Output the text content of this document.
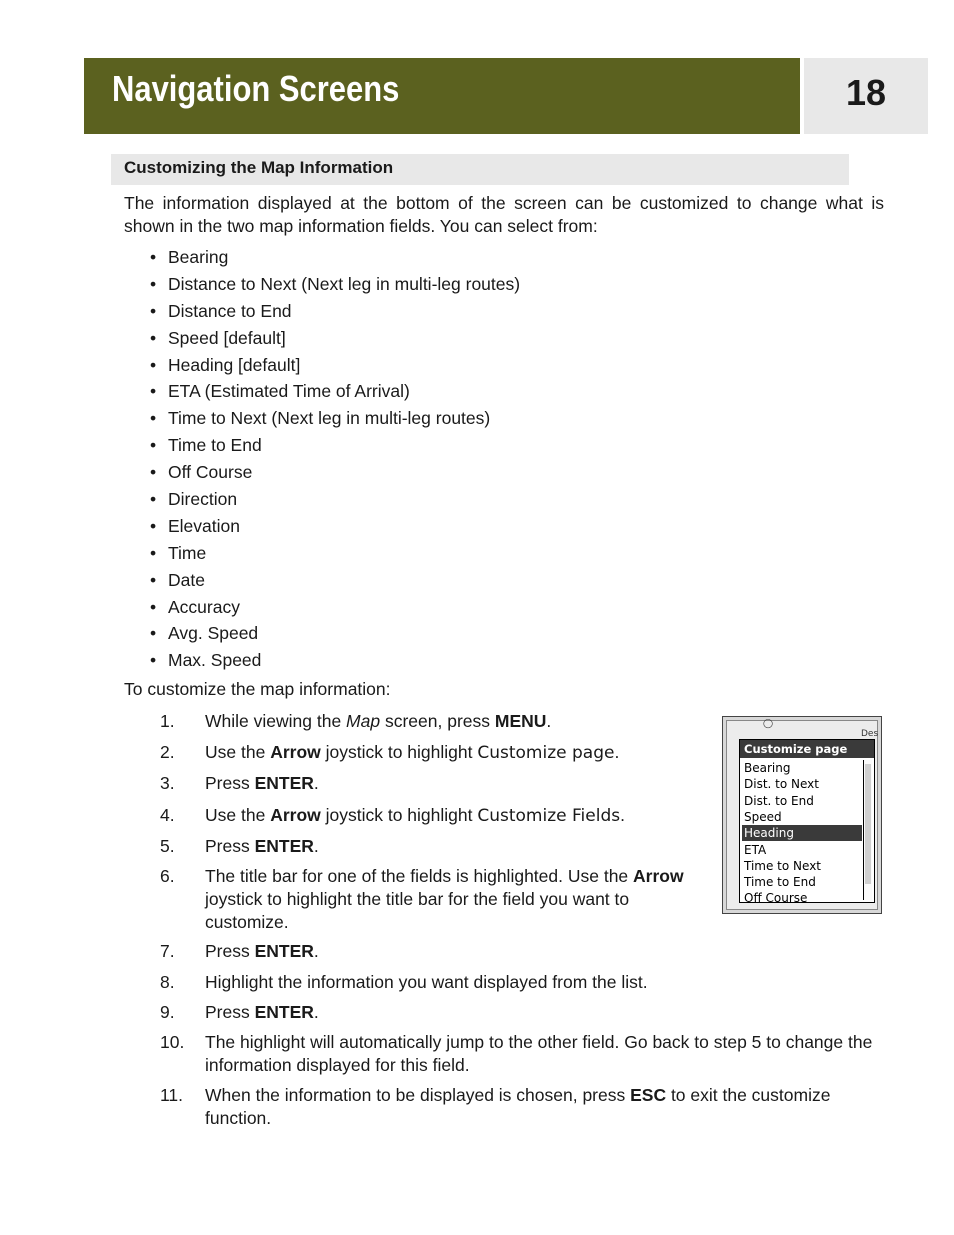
Navigation Screens	18
Customizing the Map Information

The information displayed at the bottom of the screen can be customized to change what is shown in the two map information fields. You can select from:

• Bearing
• Distance to Next (Next leg in multi-leg routes)
• Distance to End
• Speed [default]
• Heading [default]
• ETA (Estimated Time of Arrival)
• Time to Next (Next leg in multi-leg routes)
• Time to End
• Off Course
• Direction
• Elevation
• Time
• Date
• Accuracy
• Avg. Speed
• Max. Speed
To customize the map information:
1.	While viewing the Map screen, press MENU.
2.	Use the Arrow joystick to highlight Customize page.
3.	Press ENTER.
4.	Use the Arrow joystick to highlight Customize Fields.
5.	Press ENTER.
6.	The title bar for one of the fields is highlighted. Use the Arrow joystick to highlight the title bar for the field you want to customize.
7.	Press ENTER.
8.	Highlight the information you want displayed from the list.
9.	Press ENTER.
10.	The highlight will automatically jump to the other field. Go back to step 5 to change the information displayed for this field.
11.	When the information to be displayed is chosen, press ESC to exit the customize function.
◯
Des
Customize page
Bearing
Dist. to Next
Dist. to End
Speed
Heading
ETA
Time to Next
Time to End
Off Course
